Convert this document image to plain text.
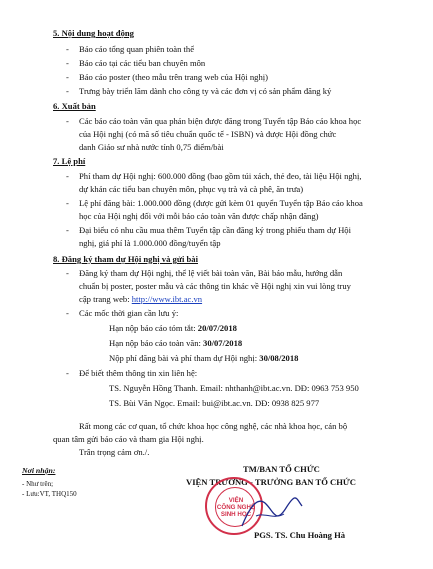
5. Nội dung hoạt động
- Báo cáo tổng quan phiên toàn thể
- Báo cáo tại các tiểu ban chuyên môn
- Báo cáo poster (theo mẫu trên trang web của Hội nghị)
- Trưng bày triển lãm dành cho công ty và các đơn vị có sản phẩm đăng ký
6. Xuất bản
- Các báo cáo toàn văn qua phản biện được đăng trong Tuyển tập Báo cáo khoa học
của Hội nghị (có mã số tiêu chuẩn quốc tế - ISBN) và được Hội đồng chức
danh Giáo sư nhà nước tính 0,75 điểm/bài
7. Lệ phí
- Phí tham dự Hội nghị: 600.000 đồng (bao gồm túi xách, thẻ đeo, tài liệu Hội nghị,
dự khán các tiểu ban chuyên môn, phục vụ trà và cà phê, ăn trưa)
- Lệ phí đăng bài: 1.000.000 đồng (được gửi kèm 01 quyển Tuyển tập Báo cáo khoa
học của Hội nghị đối với mỗi báo cáo toàn văn được chấp nhận đăng)
- Đại biểu có nhu cầu mua thêm Tuyển tập cần đăng ký trong phiếu tham dự Hội
nghị, giá phí là 1.000.000 đồng/tuyển tập
8. Đăng ký tham dự Hội nghị và gửi bài
- Đăng ký tham dự Hội nghị, thể lệ viết bài toàn văn, Bài báo mẫu, hướng dẫn
chuẩn bị poster, poster mẫu và các thông tin khác về Hội nghị xin vui lòng truy
cập trang web: http://www.ibt.ac.vn
- Các mốc thời gian cần lưu ý:
Hạn nộp báo cáo tóm tắt: 20/07/2018
Hạn nộp báo cáo toàn văn: 30/07/2018
Nộp phí đăng bài và phí tham dự Hội nghị: 30/08/2018
- Để biết thêm thông tin xin liên hệ:
TS. Nguyễn Hồng Thanh. Email: nhthanh@ibt.ac.vn. DĐ: 0963 753 950
TS. Bùi Văn Ngọc. Email: bui@ibt.ac.vn. DĐ: 0938 825 977
Rất mong các cơ quan, tổ chức khoa học công nghệ, các nhà khoa học, cán bộ
quan tâm gửi báo cáo và tham gia Hội nghị.
Trân trọng cảm ơn./.
Nơi nhận:
- Như trên;
- Lưu:VT, THQ150
TM/BAN TỔ CHỨC
VIỆN TRƯỞNG - TRƯỞNG BAN TỔ CHỨC
VIỆN
CÔNG NGHỆ
SINH HỌC
PGS. TS. Chu Hoàng Hà
